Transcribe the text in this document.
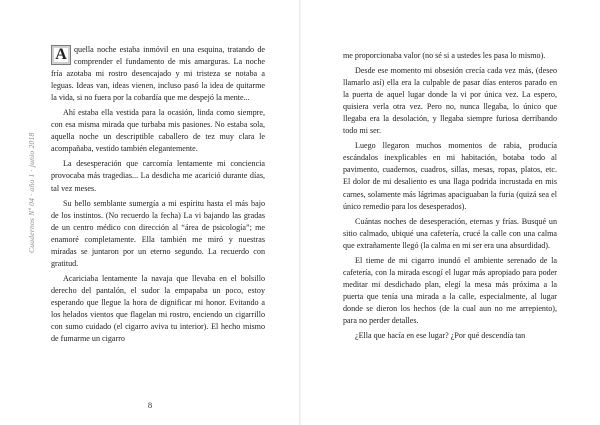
Cuadernos Nº 04 ∙ año 1 ∙ junio 2018

A quella noche estaba inmóvil en una esquina, tratando de comprender el fundamento de mis amarguras. La noche fría azotaba mi rostro desencajado y mi tristeza se notaba a leguas. Ideas van, ideas vienen, incluso pasó la idea de quitarme la vida, si no fuera por la cobardía que me despejó la mente...

Ahí estaba ella vestida para la ocasión, linda como siempre, con esa misma mirada que turbaba mis pasiones. No estaba sola, aquella noche un descriptible caballero de tez muy clara le acompañaba, vestido también elegantemente.

La desesperación que carcomía lentamente mi conciencia provocaba más tragedias... La desdicha me acarició durante días, tal vez meses.

Su bello semblante sumergía a mi espíritu hasta el más bajo de los instintos. (No recuerdo la fecha) La vi bajando las gradas de un centro médico con dirección al “área de psicología”; me enamoré completamente. Ella también me miró y nuestras miradas se juntaron por un eterno segundo. La recuerdo con gratitud.

Acariciaba lentamente la navaja que llevaba en el bolsillo derecho del pantalón, el sudor la empapaba un poco, estoy esperando que llegue la hora de dignificar mi honor. Evitando a los helados vientos que flagelan mi rostro, enciendo un cigarrillo con sumo cuidado (el cigarro aviva tu interior). El hecho mismo de fumarme un cigarro

8

me proporcionaba valor (no sé si a ustedes les pasa lo mismo).

Desde ese momento mi obsesión crecía cada vez más, (deseo llamarlo así) ella era la culpable de pasar días enteros parado en la puerta de aquel lugar donde la vi por única vez. La espero, quisiera verla otra vez. Pero no, nunca llegaba, lo único que llegaba era la desolación, y llegaba siempre furiosa derribando todo mi ser.

Luego llegaron muchos momentos de rabia, producía escándalos inexplicables en mi habitación, botaba todo al pavimento, cuadernos, cuadros, sillas, mesas, ropas, platos, etc. El dolor de mi desaliento es una llaga podrida incrustada en mis carnes, solamente más lágrimas apaciguaban la furia (quizá sea el único remedio para los desesperados).

Cuántas noches de desesperación, eternas y frías. Busqué un sitio calmado, ubiqué una cafetería, crucé la calle con una calma que extrañamente llegó (la calma en mi ser era una absurdidad).

El tieme de mi cigarro inundó el ambiente serenado de la cafetería, con la mirada escogí el lugar más apropiado para poder meditar mi desdichado plan, elegí la mesa más próxima a la puerta que tenía una mirada a la calle, especialmente, al lugar donde se dieron los hechos (de la cual aun no me arrepiento), para no perder detalles.

¿Ella que hacía en ese lugar? ¿Por qué descendía tan
